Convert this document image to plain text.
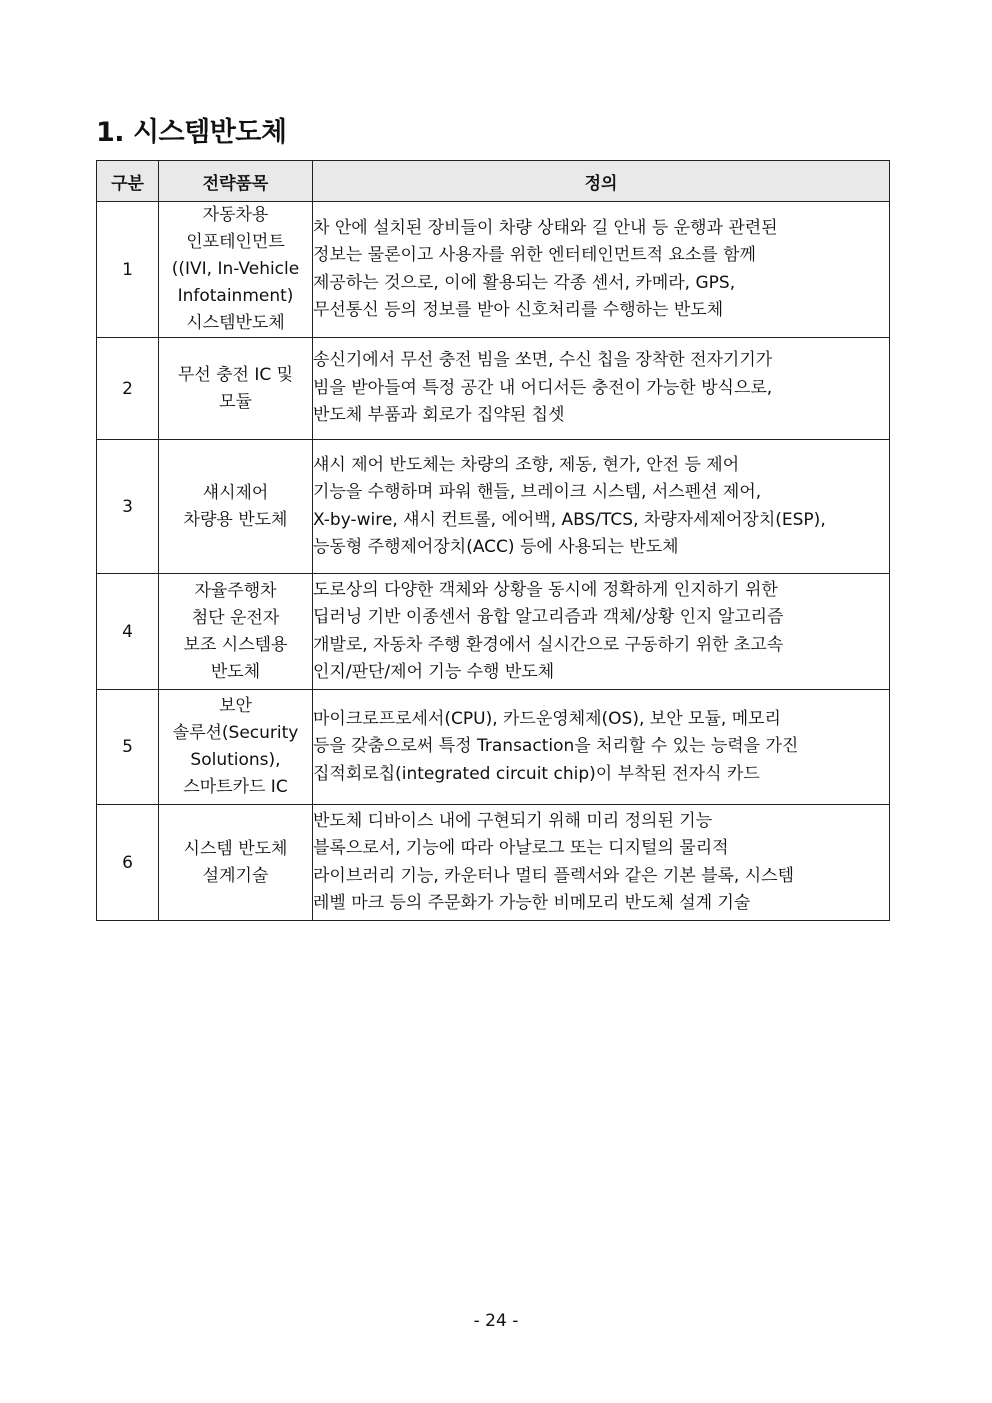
1. 시스템반도체
구분	전략품목	정의
1	자동차용
인포테인먼트
((IVI, In-Vehicle
Infotainment)
시스템반도체	차 안에 설치된 장비들이 차량 상태와 길 안내 등 운행과 관련된
정보는 물론이고 사용자를 위한 엔터테인먼트적 요소를 함께
제공하는 것으로, 이에 활용되는 각종 센서, 카메라, GPS,
무선통신 등의 정보를 받아 신호처리를 수행하는 반도체

2	무선 충전 IC 및
모듈	송신기에서 무선 충전 빔을 쏘면, 수신 칩을 장착한 전자기기가
빔을 받아들여 특정 공간 내 어디서든 충전이 가능한 방식으로,
반도체 부품과 회로가 집약된 칩셋

3	섀시제어
차량용 반도체	섀시 제어 반도체는 차량의 조향, 제동, 현가, 안전 등 제어
기능을 수행하며 파워 핸들, 브레이크 시스템, 서스펜션 제어,
X-by-wire, 섀시 컨트롤, 에어백, ABS/TCS, 차량자세제어장치(ESP),
능동형 주행제어장치(ACC) 등에 사용되는 반도체

4	자율주행차
첨단 운전자
보조 시스템용
반도체	도로상의 다양한 객체와 상황을 동시에 정확하게 인지하기 위한
딥러닝 기반 이종센서 융합 알고리즘과 객체/상황 인지 알고리즘
개발로, 자동차 주행 환경에서 실시간으로 구동하기 위한 초고속
인지/판단/제어 기능 수행 반도체

5	보안
솔루션(Security
Solutions),
스마트카드 IC	마이크로프로세서(CPU), 카드운영체제(OS), 보안 모듈, 메모리
등을 갖춤으로써 특정 Transaction을 처리할 수 있는 능력을 가진
집적회로칩(integrated circuit chip)이 부착된 전자식 카드

6	시스템 반도체
설계기술	반도체 디바이스 내에 구현되기 위해 미리 정의된 기능
블록으로서, 기능에 따라 아날로그 또는 디지털의 물리적
라이브러리 기능, 카운터나 멀티 플렉서와 같은 기본 블록, 시스템
레벨 마크 등의 주문화가 가능한 비메모리 반도체 설계 기술
- 24 -
